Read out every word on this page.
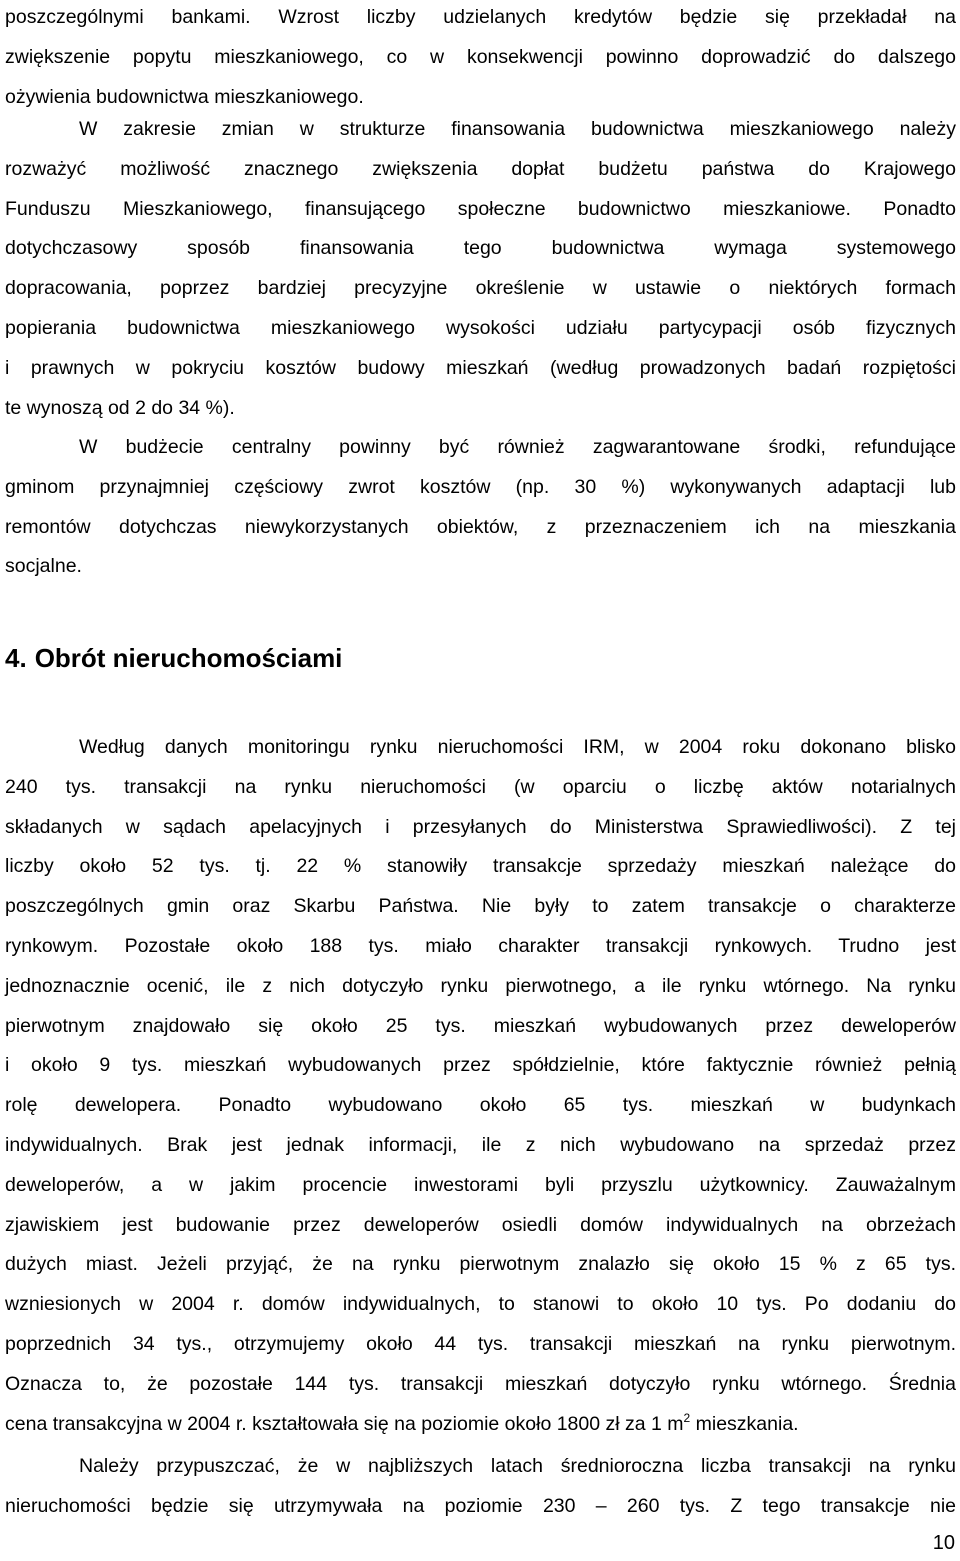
poszczególnymi bankami. Wzrost liczby udzielanych kredytów będzie się przekładał na
zwiększenie popytu mieszkaniowego, co w konsekwencji powinno doprowadzić do dalszego
ożywienia budownictwa mieszkaniowego.
W zakresie zmian w strukturze finansowania budownictwa mieszkaniowego należy
rozważyć możliwość znacznego zwiększenia dopłat budżetu państwa do Krajowego
Funduszu Mieszkaniowego, finansującego społeczne budownictwo mieszkaniowe. Ponadto
dotychczasowy sposób finansowania tego budownictwa wymaga systemowego
dopracowania, poprzez bardziej precyzyjne określenie w ustawie o niektórych formach
popierania budownictwa mieszkaniowego wysokości udziału partycypacji osób fizycznych
i prawnych w pokryciu kosztów budowy mieszkań (według prowadzonych badań rozpiętości
te wynoszą od 2 do 34 %).
W budżecie centralny powinny być również zagwarantowane środki, refundujące
gminom przynajmniej częściowy zwrot kosztów (np. 30 %) wykonywanych adaptacji lub
remontów dotychczas niewykorzystanych obiektów, z przeznaczeniem ich na mieszkania
socjalne.
4. Obrót nieruchomościami
Według danych monitoringu rynku nieruchomości IRM, w 2004 roku dokonano blisko
240 tys. transakcji na rynku nieruchomości (w oparciu o liczbę aktów notarialnych
składanych w sądach apelacyjnych i przesyłanych do Ministerstwa Sprawiedliwości). Z tej
liczby około 52 tys. tj. 22 % stanowiły transakcje sprzedaży mieszkań należące do
poszczególnych gmin oraz Skarbu Państwa. Nie były to zatem transakcje o charakterze
rynkowym. Pozostałe około 188 tys. miało charakter transakcji rynkowych. Trudno jest
jednoznacznie ocenić, ile z nich dotyczyło rynku pierwotnego, a ile rynku wtórnego. Na rynku
pierwotnym znajdowało się około 25 tys. mieszkań wybudowanych przez deweloperów
i około 9 tys. mieszkań wybudowanych przez spółdzielnie, które faktycznie również pełnią
rolę dewelopera. Ponadto wybudowano około 65 tys. mieszkań w budynkach
indywidualnych. Brak jest jednak informacji, ile z nich wybudowano na sprzedaż przez
deweloperów, a w jakim procencie inwestorami byli przyszlu użytkownicy. Zauważalnym
zjawiskiem jest budowanie przez deweloperów osiedli domów indywidualnych na obrzeżach
dużych miast. Jeżeli przyjąć, że na rynku pierwotnym znalazło się około 15 % z 65 tys.
wzniesionych w 2004 r. domów indywidualnych, to stanowi to około 10 tys. Po dodaniu do
poprzednich 34 tys., otrzymujemy około 44 tys. transakcji mieszkań na rynku pierwotnym.
Oznacza to, że pozostałe 144 tys. transakcji mieszkań dotyczyło rynku wtórnego. Średnia
cena transakcyjna w 2004 r. kształtowała się na poziomie około 1800 zł za 1 $m^2$ mieszkania.
Należy przypuszczać, że w najbliższych latach średnioroczna liczba transakcji na rynku
nieruchomości będzie się utrzymywała na poziomie 230 – 260 tys. Z tego transakcje nie
10
